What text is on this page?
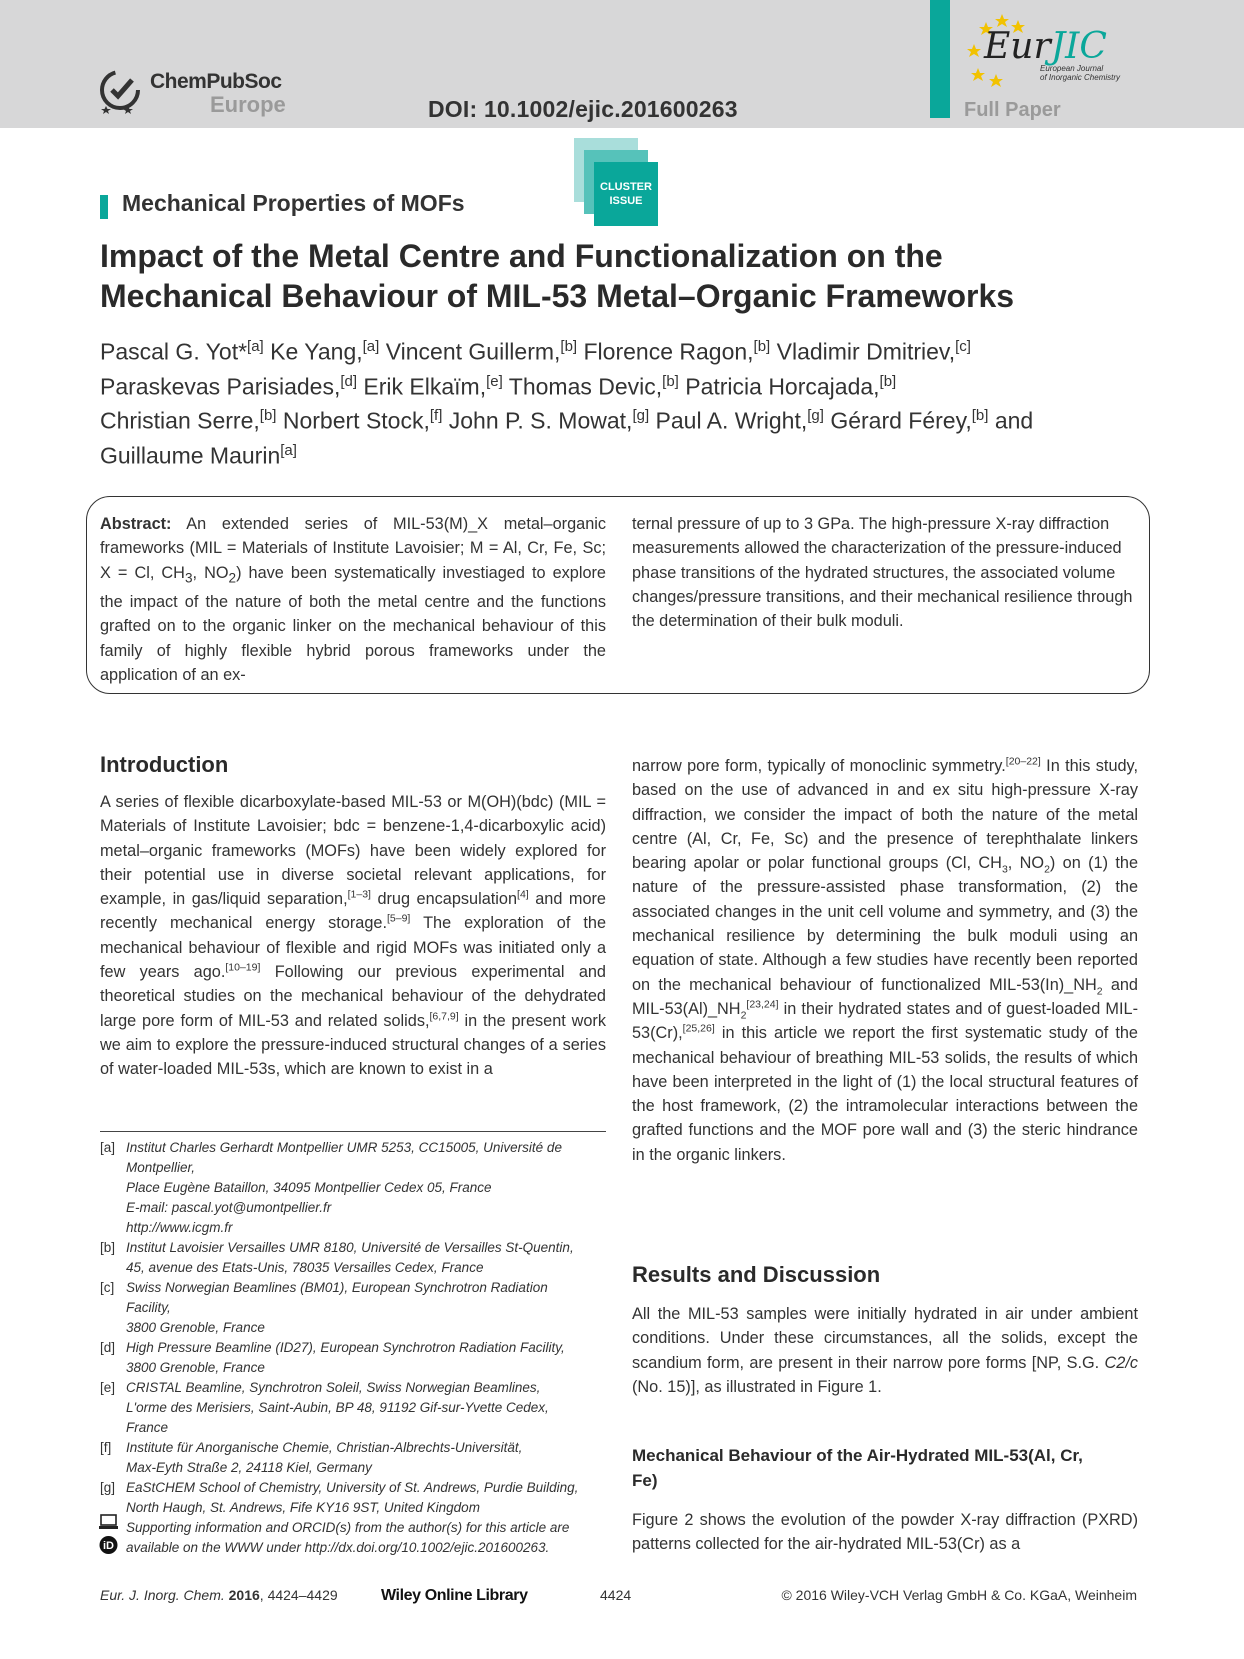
ChemPubSoc
Europe	DOI: 10.1002/ejic.201600263
EurJIC
European Journal
of Inorganic Chemistry
Full Paper
CLUSTER
ISSUE
Mechanical Properties of MOFs
Impact of the Metal Centre and Functionalization on the
Mechanical Behaviour of MIL-53 Metal–Organic Frameworks
Pascal G. Yot*[a] Ke Yang,[a] Vincent Guillerm,[b] Florence Ragon,[b] Vladimir Dmitriev,[c]
Paraskevas Parisiades,[d] Erik Elkaïm,[e] Thomas Devic,[b] Patricia Horcajada,[b]
Christian Serre,[b] Norbert Stock,[f] John P. S. Mowat,[g] Paul A. Wright,[g] Gérard Férey,[b] and
Guillaume Maurin[a]
Abstract: An extended series of MIL-53(M)_X metal–organic frameworks (MIL = Materials of Institute Lavoisier; M = Al, Cr, Fe, Sc; X = Cl, $CH_3$, $NO_2$) have been systematically investiaged to explore the impact of the nature of both the metal centre and the functions grafted on to the organic linker on the mechanical behaviour of this family of highly flexible hybrid porous frameworks under the application of an ex-
ternal pressure of up to 3 GPa. The high-pressure X-ray diffraction measurements allowed the characterization of the pressure-induced phase transitions of the hydrated structures, the associated volume changes/pressure transitions, and their mechanical resilience through the determination of their bulk moduli.
Introduction

A series of flexible dicarboxylate-based MIL-53 or M(OH)(bdc) (MIL = Materials of Institute Lavoisier; bdc = benzene-1,4-dicarboxylic acid) metal–organic frameworks (MOFs) have been widely explored for their potential use in diverse societal relevant applications, for example, in gas/liquid separation,[1–3] drug encapsulation[4] and more recently mechanical energy storage.[5–9] The exploration of the mechanical behaviour of flexible and rigid MOFs was initiated only a few years ago.[10–19] Following our previous experimental and theoretical studies on the mechanical behaviour of the dehydrated large pore form of MIL-53 and related solids,[6,7,9] in the present work we aim to explore the pressure-induced structural changes of a series of water-loaded MIL-53s, which are known to exist in a

narrow pore form, typically of monoclinic symmetry.[20–22] In this study, based on the use of advanced in and ex situ high-pressure X-ray diffraction, we consider the impact of both the nature of the metal centre (Al, Cr, Fe, Sc) and the presence of terephthalate linkers bearing apolar or polar functional groups (Cl, $CH_3$, $NO_2$) on (1) the nature of the pressure-assisted phase transformation, (2) the associated changes in the unit cell volume and symmetry, and (3) the mechanical resilience by determining the bulk moduli using an equation of state. Although a few studies have recently been reported on the mechanical behaviour of functionalized MIL-$53(In)\_NH_2$ and MIL-$53(Al)\_NH_2[23,24]$ in their hydrated states and of guest-loaded MIL-53(Cr),[25,26] in this article we report the first systematic study of the mechanical behaviour of breathing MIL-53 solids, the results of which have been interpreted in the light of (1) the local structural features of the host framework, (2) the intramolecular interactions between the grafted functions and the MOF pore wall and (3) the steric hindrance in the organic linkers.

Results and Discussion

All the MIL-53 samples were initially hydrated in air under ambient conditions. Under these circumstances, all the solids, except the scandium form, are present in their narrow pore forms [NP, S.G. C2/c (No. 15)], as illustrated in Figure 1.

Mechanical Behaviour of the Air-Hydrated MIL-53(Al, Cr, Fe)

Figure 2 shows the evolution of the powder X-ray diffraction (PXRD) patterns collected for the air-hydrated MIL-53(Cr) as a

[a] Institut Charles Gerhardt Montpellier UMR 5253, CC15005, Université de
Montpellier,
Place Eugène Bataillon, 34095 Montpellier Cedex 05, France
E-mail: pascal.yot@umontpellier.fr
http://www.icgm.fr
[b] Institut Lavoisier Versailles UMR 8180, Université de Versailles St-Quentin,
45, avenue des Etats-Unis, 78035 Versailles Cedex, France
[c] Swiss Norwegian Beamlines (BM01), European Synchrotron Radiation
Facility,
3800 Grenoble, France
[d] High Pressure Beamline (ID27), European Synchrotron Radiation Facility,
3800 Grenoble, France
[e] CRISTAL Beamline, Synchrotron Soleil, Swiss Norwegian Beamlines,
L'orme des Merisiers, Saint-Aubin, BP 48, 91192 Gif-sur-Yvette Cedex,
France
[f] Institute für Anorganische Chemie, Christian-Albrechts-Universität,
Max-Eyth Straße 2, 24118 Kiel, Germany
[g] EaStCHEM School of Chemistry, University of St. Andrews, Purdie Building,
North Haugh, St. Andrews, Fife KY16 9ST, United Kingdom
Supporting information and ORCID(s) from the author(s) for this article are
available on the WWW under http://dx.doi.org/10.1002/ejic.201600263.
iD
Eur. J. Inorg. Chem. 2016, 4424–4429	Wiley Online Library	4424	© 2016 Wiley-VCH Verlag GmbH & Co. KGaA, Weinheim
